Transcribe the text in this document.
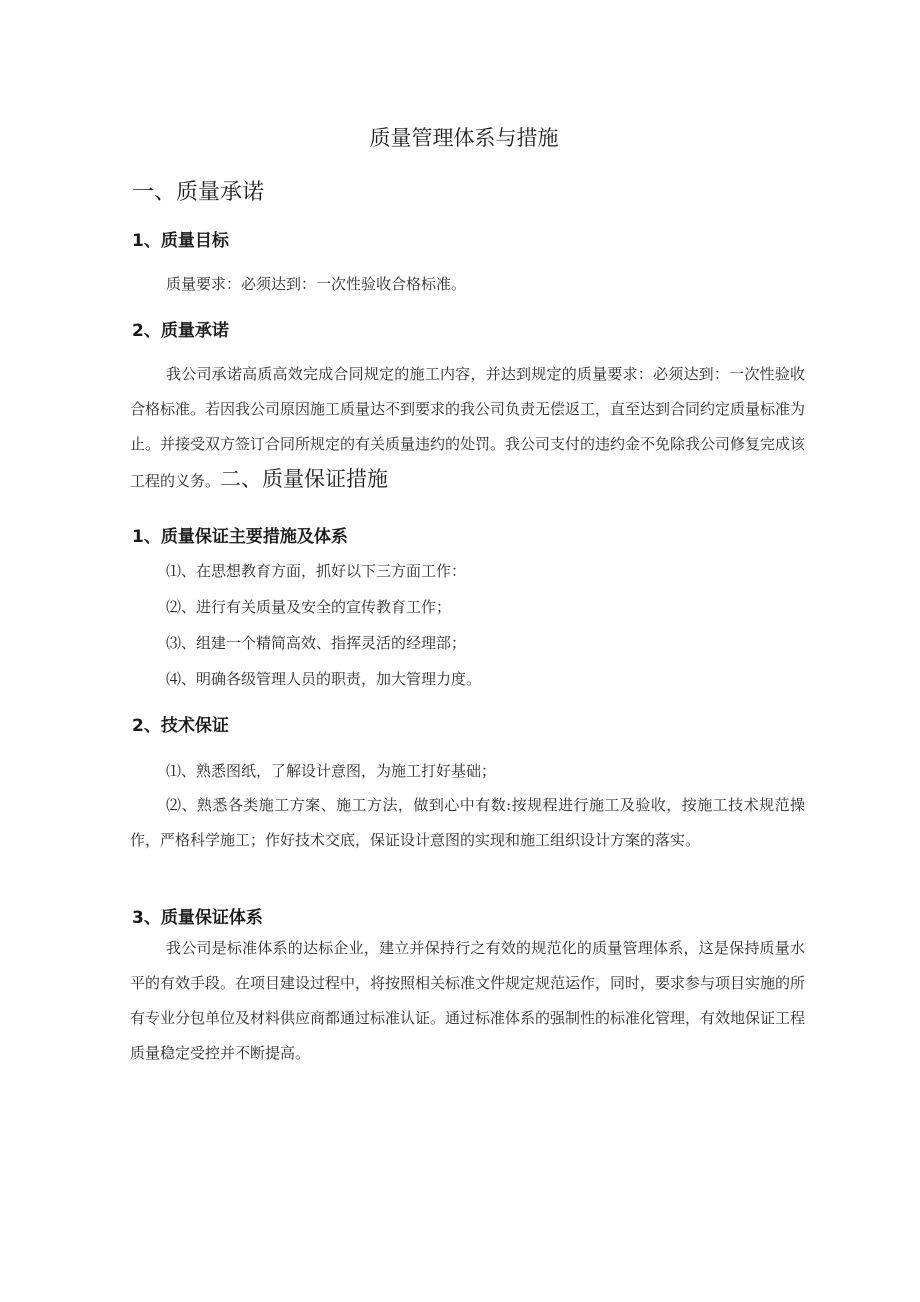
质量管理体系与措施
一、质量承诺
1、质量目标
质量要求：必须达到：一次性验收合格标准。
2、质量承诺
我公司承诺高质高效完成合同规定的施工内容，并达到规定的质量要求：必须达到：一次性验收合格标准。若因我公司原因施工质量达不到要求的我公司负责无偿返工，直至达到合同约定质量标准为止。并接受双方签订合同所规定的有关质量违约的处罚。我公司支付的违约金不免除我公司修复完成该工程的义务。二、质量保证措施
1、质量保证主要措施及体系
⑴、在思想教育方面，抓好以下三方面工作：
⑵、进行有关质量及安全的宣传教育工作；
⑶、组建一个精简高效、指挥灵活的经理部；
⑷、明确各级管理人员的职责，加大管理力度。
2、技术保证
⑴、熟悉图纸，了解设计意图，为施工打好基础；
⑵、熟悉各类施工方案、施工方法，做到心中有数:按规程进行施工及验收，按施工技术规范操作，严格科学施工；作好技术交底，保证设计意图的实现和施工组织设计方案的落实。
3、质量保证体系
我公司是标准体系的达标企业，建立并保持行之有效的规范化的质量管理体系，这是保持质量水平的有效手段。在项目建设过程中，将按照相关标准文件规定规范运作，同时，要求参与项目实施的所有专业分包单位及材料供应商都通过标准认证。通过标准体系的强制性的标准化管理，有效地保证工程质量稳定受控并不断提高。
